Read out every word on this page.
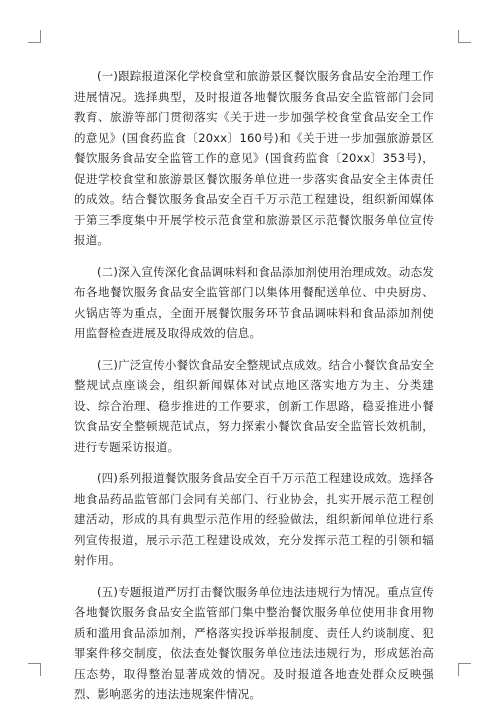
(一)跟踪报道深化学校食堂和旅游景区餐饮服务食品安全治理工作进展情况。选择典型，及时报道各地餐饮服务食品安全监管部门会同教育、旅游等部门贯彻落实《关于进一步加强学校食堂食品安全工作的意见》(国食药监食〔20xx〕160号)和《关于进一步加强旅游景区餐饮服务食品安全监管工作的意见》(国食药监食〔20xx〕353号)，促进学校食堂和旅游景区餐饮服务单位进一步落实食品安全主体责任的成效。结合餐饮服务食品安全百千万示范工程建设，组织新闻媒体于第三季度集中开展学校示范食堂和旅游景区示范餐饮服务单位宣传报道。

(二)深入宣传深化食品调味料和食品添加剂使用治理成效。动态发布各地餐饮服务食品安全监管部门以集体用餐配送单位、中央厨房、火锅店等为重点，全面开展餐饮服务环节食品调味料和食品添加剂使用监督检查进展及取得成效的信息。

(三)广泛宣传小餐饮食品安全整规试点成效。结合小餐饮食品安全整规试点座谈会，组织新闻媒体对试点地区落实地方为主、分类建设、综合治理、稳步推进的工作要求，创新工作思路，稳妥推进小餐饮食品安全整顿规范试点，努力探索小餐饮食品安全监管长效机制，进行专题采访报道。

(四)系列报道餐饮服务食品安全百千万示范工程建设成效。选择各地食品药品监管部门会同有关部门、行业协会，扎实开展示范工程创建活动，形成的具有典型示范作用的经验做法，组织新闻单位进行系列宣传报道，展示示范工程建设成效，充分发挥示范工程的引领和辐射作用。

(五)专题报道严厉打击餐饮服务单位违法违规行为情况。重点宣传各地餐饮服务食品安全监管部门集中整治餐饮服务单位使用非食用物质和滥用食品添加剂，严格落实投诉举报制度、责任人约谈制度、犯罪案件移交制度，依法查处餐饮服务单位违法违规行为，形成惩治高压态势，取得整治显著成效的情况。及时报道各地查处群众反映强烈、影响恶劣的违法违规案件情况。
